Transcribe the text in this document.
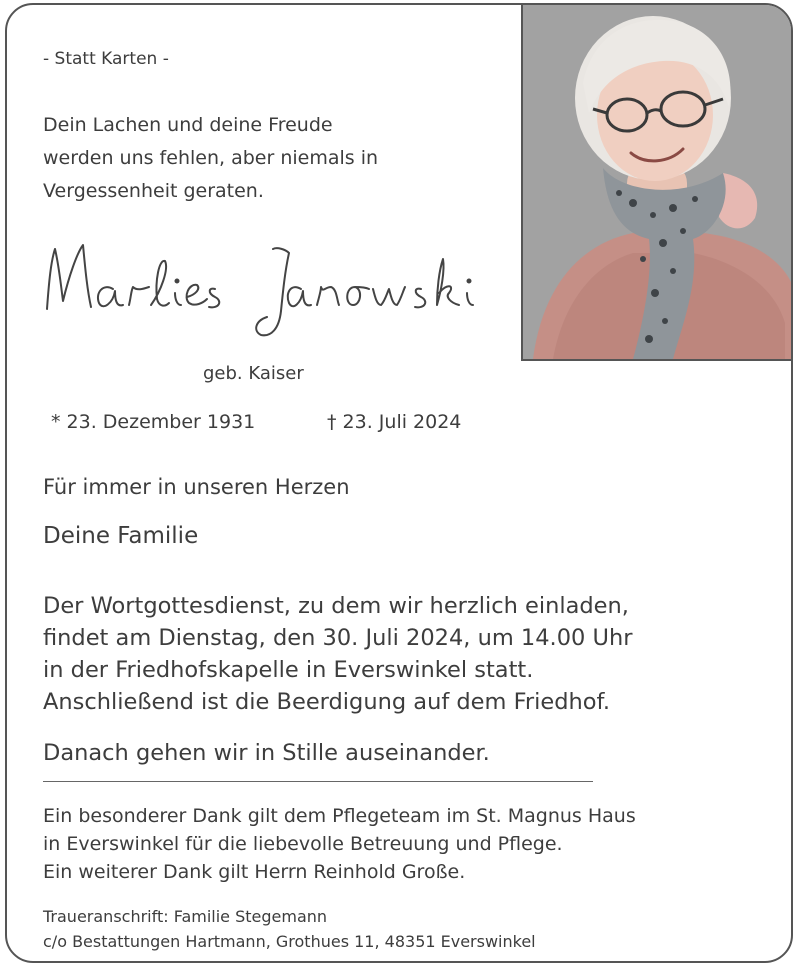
- Statt Karten -
Dein Lachen und deine Freude
werden uns fehlen, aber niemals in
Vergessenheit geraten.
geb. Kaiser
* 23. Dezember 1931	† 23. Juli 2024
Für immer in unseren Herzen
Deine Familie
Der Wortgottesdienst, zu dem wir herzlich einladen,
findet am Dienstag, den 30. Juli 2024, um 14.00 Uhr
in der Friedhofskapelle in Everswinkel statt.
Anschließend ist die Beerdigung auf dem Friedhof.
Danach gehen wir in Stille auseinander.
Ein besonderer Dank gilt dem Pflegeteam im St. Magnus Haus
in Everswinkel für die liebevolle Betreuung und Pflege.
Ein weiterer Dank gilt Herrn Reinhold Große.
Traueranschrift: Familie Stegemann
c/o Bestattungen Hartmann, Grothues 11, 48351 Everswinkel
